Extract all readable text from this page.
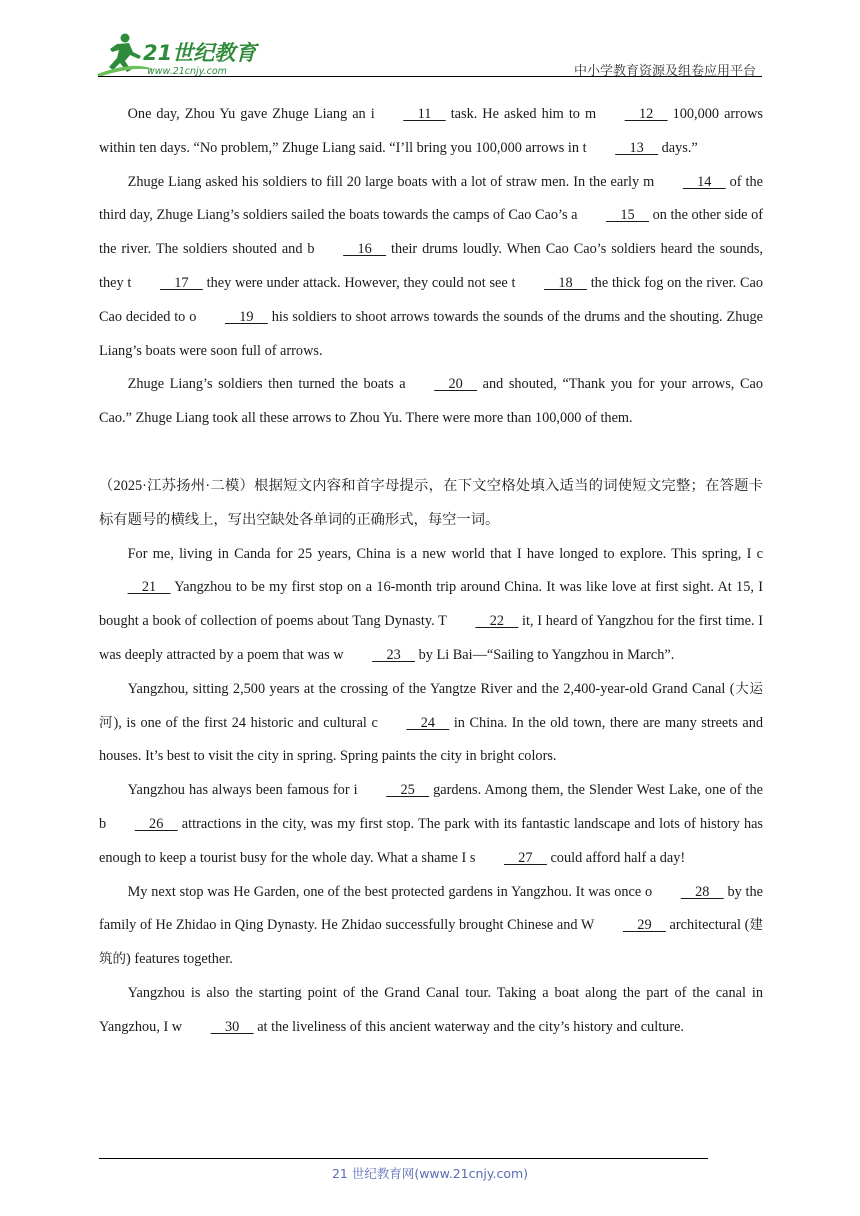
21世纪教育
www.21cnjy.com	中小学教育资源及组卷应用平台

One day, Zhou Yu gave Zhuge Liang an i  11   task. He asked him to m  12   100,000 arrows within ten days. “No problem,” Zhuge Liang said. “I’ll bring you 100,000 arrows in t  13   days.”

Zhuge Liang asked his soldiers to fill 20 large boats with a lot of straw men. In the early m  14   of the third day, Zhuge Liang’s soldiers sailed the boats towards the camps of Cao Cao’s a  15   on the other side of the river. The soldiers shouted and b  16   their drums loudly. When Cao Cao’s soldiers heard the sounds, they t  17   they were under attack. However, they could not see t  18   the thick fog on the river. Cao Cao decided to o  19   his soldiers to shoot arrows towards the sounds of the drums and the shouting. Zhuge Liang’s boats were soon full of arrows.

Zhuge Liang’s soldiers then turned the boats a  20   and shouted, “Thank you for your arrows, Cao Cao.” Zhuge Liang took all these arrows to Zhou Yu. There were more than 100,000 of them.

（2025·江苏扬州·二模）根据短文内容和首字母提示，在下文空格处填入适当的词使短文完整；在答题卡标有题号的横线上，写出空缺处各单词的正确形式，每空一词。

For me, living in Canda for 25 years, China is a new world that I have longed to explore. This spring, I c  21   Yangzhou to be my first stop on a 16-month trip around China. It was like love at first sight. At 15, I bought a book of collection of poems about Tang Dynasty. T  22   it, I heard of Yangzhou for the first time. I was deeply attracted by a poem that was w  23   by Li Bai—“Sailing to Yangzhou in March”.

Yangzhou, sitting 2,500 years at the crossing of the Yangtze River and the 2,400-year-old Grand Canal (大运河), is one of the first 24 historic and cultural c  24   in China. In the old town, there are many streets and houses. It’s best to visit the city in spring. Spring paints the city in bright colors.

Yangzhou has always been famous for i  25   gardens. Among them, the Slender West Lake, one of the b  26   attractions in the city, was my first stop. The park with its fantastic landscape and lots of history has enough to keep a tourist busy for the whole day. What a shame I s  27   could afford half a day!

My next stop was He Garden, one of the best protected gardens in Yangzhou. It was once o  28   by the family of He Zhidao in Qing Dynasty. He Zhidao successfully brought Chinese and W  29   architectural (建筑的) features together.

Yangzhou is also the starting point of the Grand Canal tour. Taking a boat along the part of the canal in Yangzhou, I w  30   at the liveliness of this ancient waterway and the city’s history and culture.

21 世纪教育网(www.21cnjy.com)
